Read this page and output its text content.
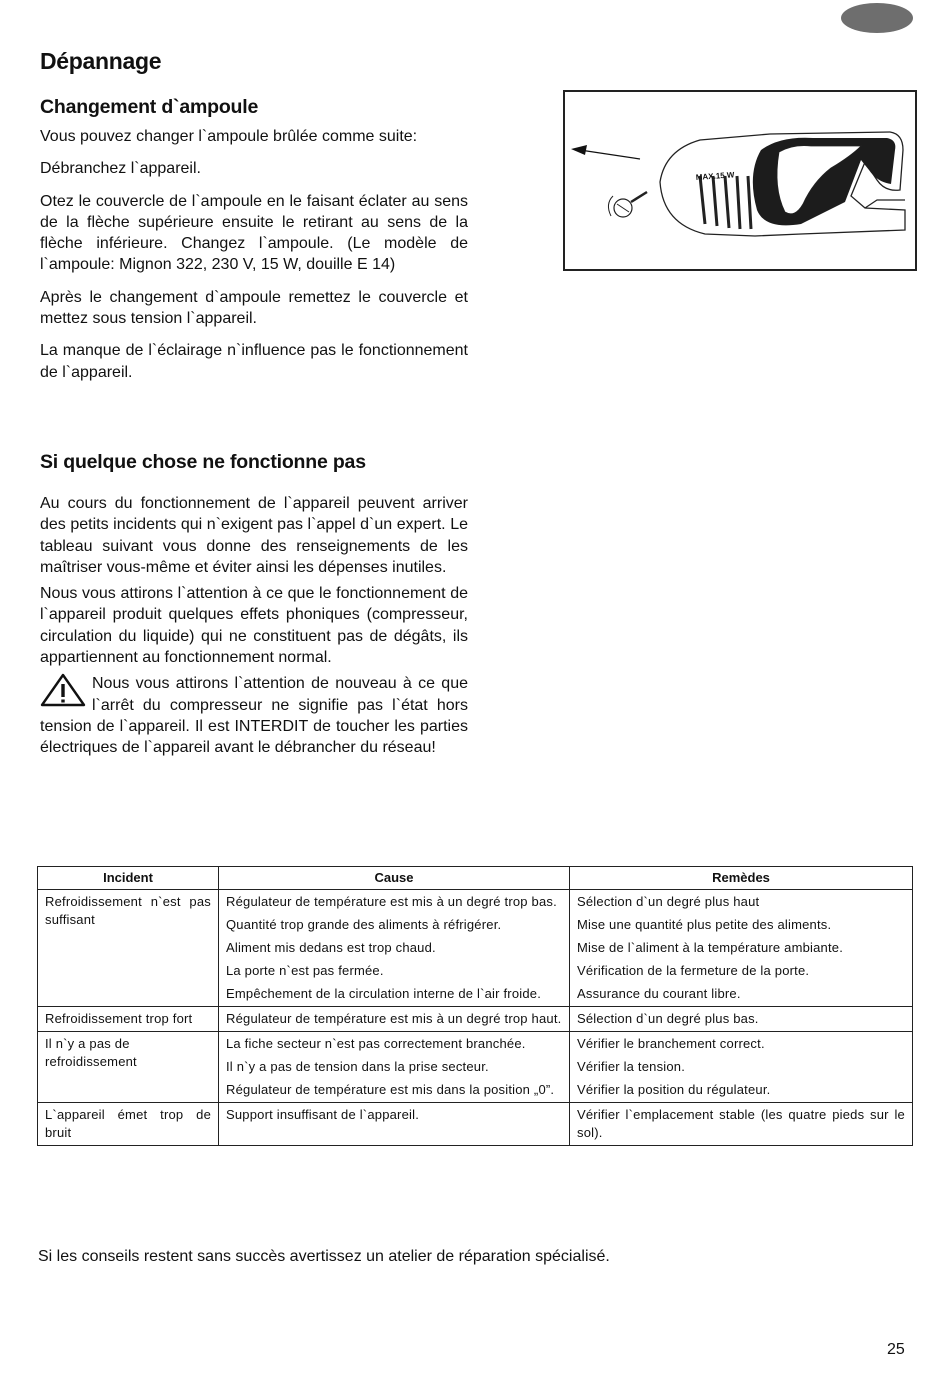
Dépannage
Changement d`ampoule

Vous pouvez changer l`ampoule brûlée comme suite:

Débranchez l`appareil.

Otez le couvercle de l`ampoule en le faisant éclater au sens de la flèche supérieure ensuite le retirant au sens de la flèche inférieure. Changez l`ampoule. (Le modèle de l`ampoule: Mignon 322, 230 V, 15 W, douille E 14)

Après le changement d`ampoule remettez le couvercle et mettez sous tension l`appareil.

La manque de l`éclairage n`influence pas le fonctionnement de l`appareil.

MAX.15 W
Si quelque chose ne fonctionne pas

Au cours du fonctionnement de l`appareil peuvent arriver des petits incidents qui n`exigent pas l`appel d`un expert. Le tableau suivant vous donne des renseignements de les maîtriser vous-même et éviter ainsi les dépenses inutiles.

Nous vous attirons l`attention à ce que le fonctionnement de l`appareil produit quelques effets phoniques (compresseur, circulation du liquide) qui ne constituent pas de dégâts, ils appartiennent au fonctionnement normal.

Nous vous attirons l`attention de nouveau à ce que l`arrêt du compresseur ne signifie pas l`état hors tension de l`appareil. Il est INTERDIT de toucher les parties électriques de l`appareil avant le débrancher du réseau!

Incident	Cause	Remèdes
Refroidissement n`est pas suffisant	Régulateur de température est mis à un degré trop bas.	Sélection d`un degré plus haut
	Quantité trop grande des aliments à réfrigérer.	Mise une quantité plus petite des aliments.
	Aliment mis dedans est trop chaud.	Mise de l`aliment à la température ambiante.
	La porte n`est pas fermée.	Vérification de la fermeture de la porte.
	Empêchement de la circulation interne de l`air froide.	Assurance du courant libre.
Refroidissement trop fort	Régulateur de température est mis à un degré trop haut.	Sélection d`un degré plus bas.
Il n`y a pas de refroidissement	La fiche secteur n`est pas correctement branchée.	Vérifier le branchement correct.
	Il n`y a pas de tension dans la prise secteur.	Vérifier la tension.
	Régulateur de température est mis dans la position „0”.	Vérifier la position du régulateur.
L`appareil émet trop de bruit	Support insuffisant de l`appareil.	Vérifier l`emplacement stable (les quatre pieds sur le sol).
Si les conseils restent sans succès avertissez un atelier de réparation spécialisé.
25
